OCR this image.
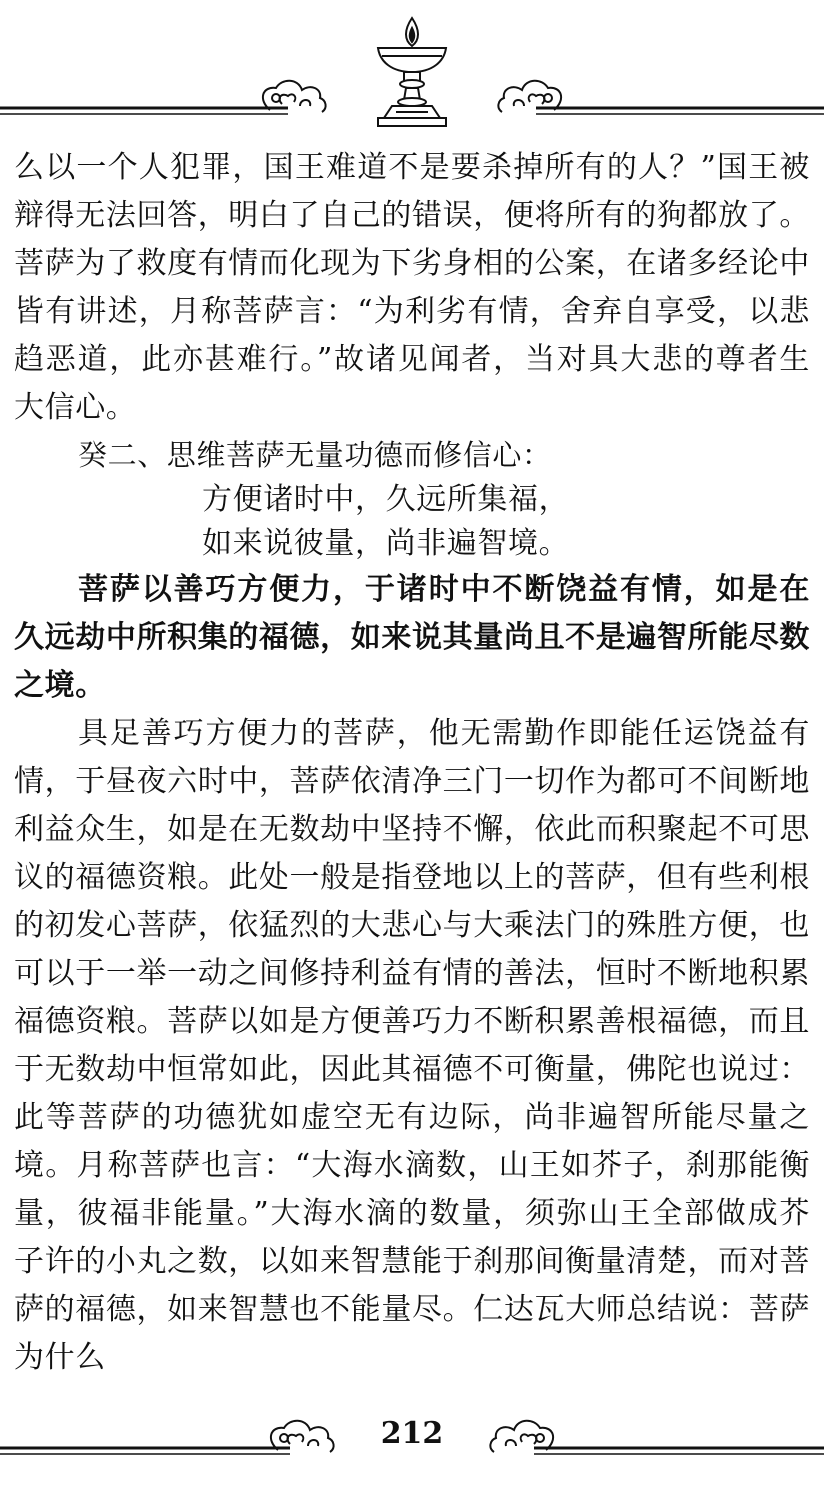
么以一个人犯罪，国王难道不是要杀掉所有的人？”国王被辩得无法回答，明白了自己的错误，便将所有的狗都放了。菩萨为了救度有情而化现为下劣身相的公案，在诸多经论中皆有讲述，月称菩萨言：“为利劣有情，舍弃自享受，以悲趋恶道，此亦甚难行。”故诸见闻者，当对具大悲的尊者生大信心。

癸二、思维菩萨无量功德而修信心：

方便诸时中，久远所集福，

如来说彼量，尚非遍智境。

菩萨以善巧方便力，于诸时中不断饶益有情，如是在久远劫中所积集的福德，如来说其量尚且不是遍智所能尽数之境。

具足善巧方便力的菩萨，他无需勤作即能任运饶益有情，于昼夜六时中，菩萨依清净三门一切作为都可不间断地利益众生，如是在无数劫中坚持不懈，依此而积聚起不可思议的福德资粮。此处一般是指登地以上的菩萨，但有些利根的初发心菩萨，依猛烈的大悲心与大乘法门的殊胜方便，也可以于一举一动之间修持利益有情的善法，恒时不断地积累福德资粮。菩萨以如是方便善巧力不断积累善根福德，而且于无数劫中恒常如此，因此其福德不可衡量，佛陀也说过：此等菩萨的功德犹如虚空无有边际，尚非遍智所能尽量之境。月称菩萨也言：“大海水滴数，山王如芥子，刹那能衡量，彼福非能量。”大海水滴的数量，须弥山王全部做成芥子许的小丸之数，以如来智慧能于刹那间衡量清楚，而对菩萨的福德，如来智慧也不能量尽。仁达瓦大师总结说：菩萨为什么

212
